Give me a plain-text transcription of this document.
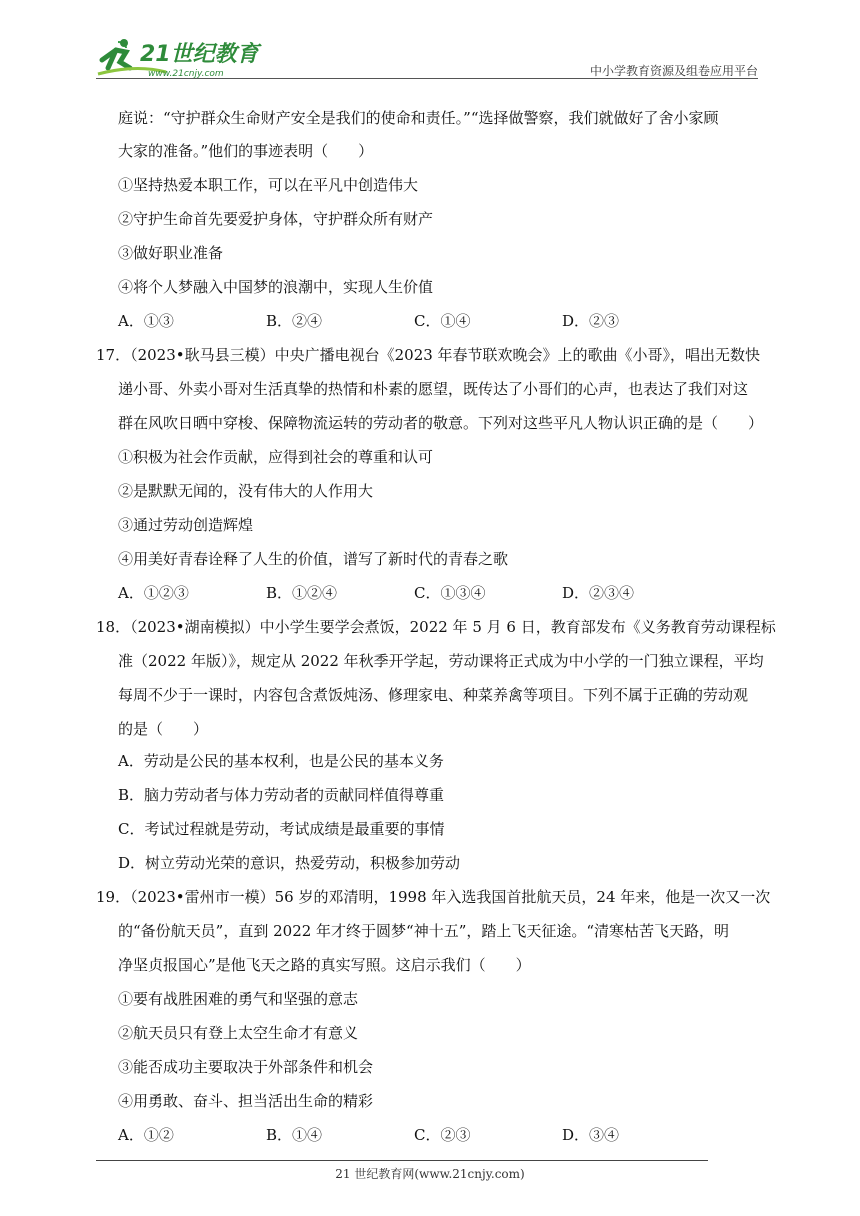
21世纪教育
www.21cnjy.com	中小学教育资源及组卷应用平台
庭说：“守护群众生命财产安全是我们的使命和责任。”“选择做警察，我们就做好了舍小家顾
大家的准备。”他们的事迹表明（　　）
①坚持热爱本职工作，可以在平凡中创造伟大
②守护生命首先要爱护身体，守护群众所有财产
③做好职业准备
④将个人梦融入中国梦的浪潮中，实现人生价值
A．①③	B．②④	C．①④	D．②③
17．（2023•耿马县三模）中央广播电视台《2023 年春节联欢晚会》上的歌曲《小哥》，唱出无数快
递小哥、外卖小哥对生活真挚的热情和朴素的愿望，既传达了小哥们的心声，也表达了我们对这
群在风吹日晒中穿梭、保障物流运转的劳动者的敬意。下列对这些平凡人物认识正确的是（　　）
①积极为社会作贡献，应得到社会的尊重和认可
②是默默无闻的，没有伟大的人作用大
③通过劳动创造辉煌
④用美好青春诠释了人生的价值，谱写了新时代的青春之歌
A．①②③	B．①②④	C．①③④	D．②③④
18．（2023•湖南模拟）中小学生要学会煮饭，2022 年 5 月 6 日，教育部发布《义务教育劳动课程标
准（2022 年版）》，规定从 2022 年秋季开学起，劳动课将正式成为中小学的一门独立课程，平均
每周不少于一课时，内容包含煮饭炖汤、修理家电、种菜养禽等项目。下列不属于正确的劳动观
的是（　　）
A．劳动是公民的基本权利，也是公民的基本义务
B．脑力劳动者与体力劳动者的贡献同样值得尊重
C．考试过程就是劳动，考试成绩是最重要的事情
D．树立劳动光荣的意识，热爱劳动，积极参加劳动
19．（2023•雷州市一模）56 岁的邓清明，1998 年入选我国首批航天员，24 年来，他是一次又一次
的“备份航天员”，直到 2022 年才终于圆梦“神十五”，踏上飞天征途。“清寒枯苦飞天路，明
净坚贞报国心”是他飞天之路的真实写照。这启示我们（　　）
①要有战胜困难的勇气和坚强的意志
②航天员只有登上太空生命才有意义
③能否成功主要取决于外部条件和机会
④用勇敢、奋斗、担当活出生命的精彩
A．①②	B．①④	C．②③	D．③④
21 世纪教育网(www.21cnjy.com)
